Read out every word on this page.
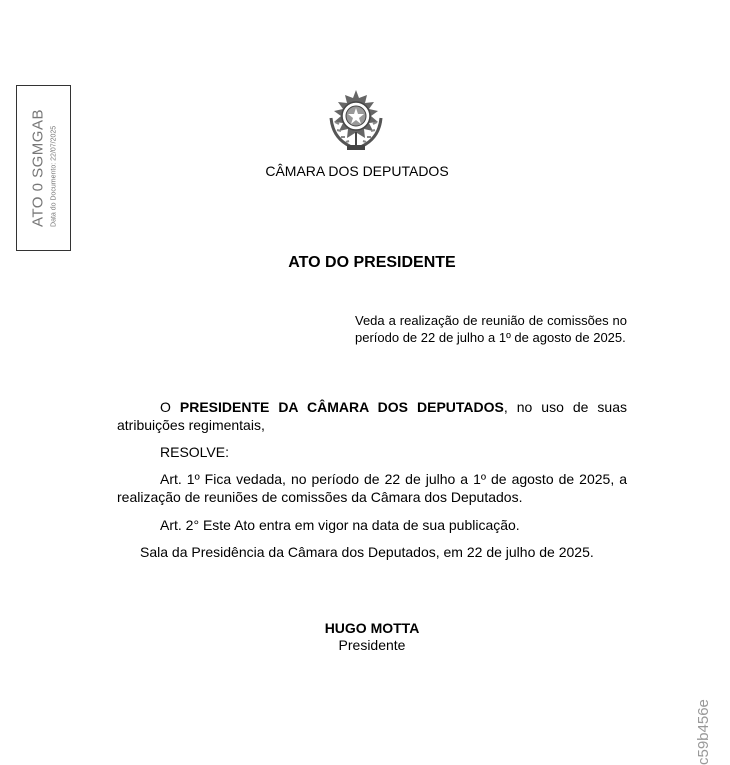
ATO 0 SGMGAB Data do Documento: 22/07/2025	CÂMARA DOS DEPUTADOS
ATO DO PRESIDENTE
Veda a realização de reunião de comissões no período de 22 de julho a 1º de agosto de 2025.
O PRESIDENTE DA CÂMARA DOS DEPUTADOS, no uso de suas atribuições regimentais,
RESOLVE:
Art. 1º Fica vedada, no período de 22 de julho a 1º de agosto de 2025, a realização de reuniões de comissões da Câmara dos Deputados.
Art. 2° Este Ato entra em vigor na data de sua publicação.
Sala da Presidência da Câmara dos Deputados, em 22 de julho de 2025.
HUGO MOTTA
Presidente
c59b456e
